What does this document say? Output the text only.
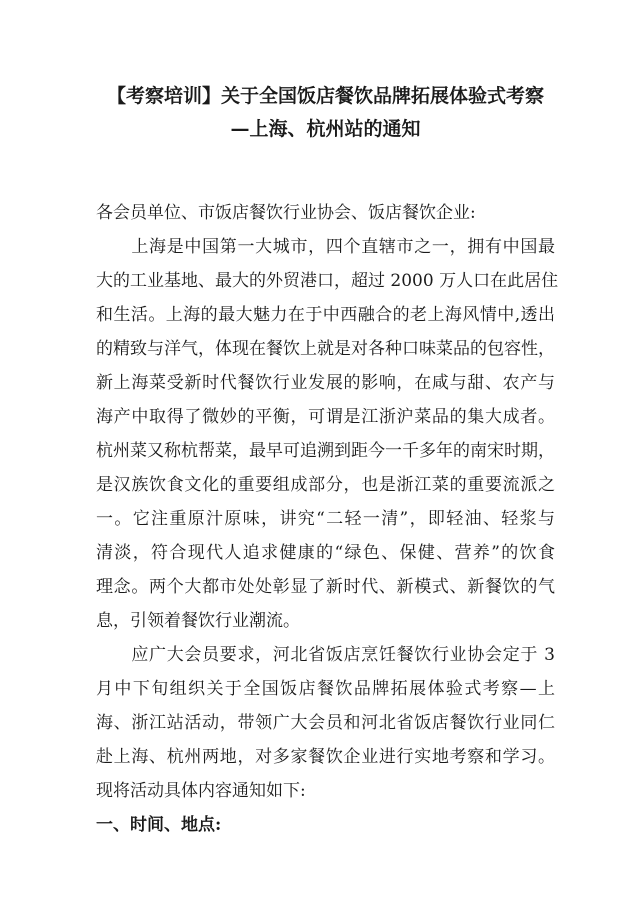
【考察培训】关于全国饭店餐饮品牌拓展体验式考察
—上海、杭州站的通知
各会员单位、市饭店餐饮行业协会、饭店餐饮企业:
　　上海是中国第一大城市，四个直辖市之一，拥有中国最
大的工业基地、最大的外贸港口，超过 2000 万人口在此居住
和生活。上海的最大魅力在于中西融合的老上海风情中,透出
的精致与洋气，体现在餐饮上就是对各种口味菜品的包容性，
新上海菜受新时代餐饮行业发展的影响，在咸与甜、农产与
海产中取得了微妙的平衡，可谓是江浙沪菜品的集大成者。
杭州菜又称杭帮菜，最早可追溯到距今一千多年的南宋时期，
是汉族饮食文化的重要组成部分，也是浙江菜的重要流派之
一。它注重原汁原味，讲究“二轻一清”，即轻油、轻浆与
清淡，符合现代人追求健康的“绿色、保健、营养”的饮食
理念。两个大都市处处彰显了新时代、新模式、新餐饮的气
息，引领着餐饮行业潮流。
　　应广大会员要求，河北省饭店烹饪餐饮行业协会定于 3
月中下旬组织关于全国饭店餐饮品牌拓展体验式考察—上
海、浙江站活动，带领广大会员和河北省饭店餐饮行业同仁
赴上海、杭州两地，对多家餐饮企业进行实地考察和学习。
现将活动具体内容通知如下:
一、时间、地点:
